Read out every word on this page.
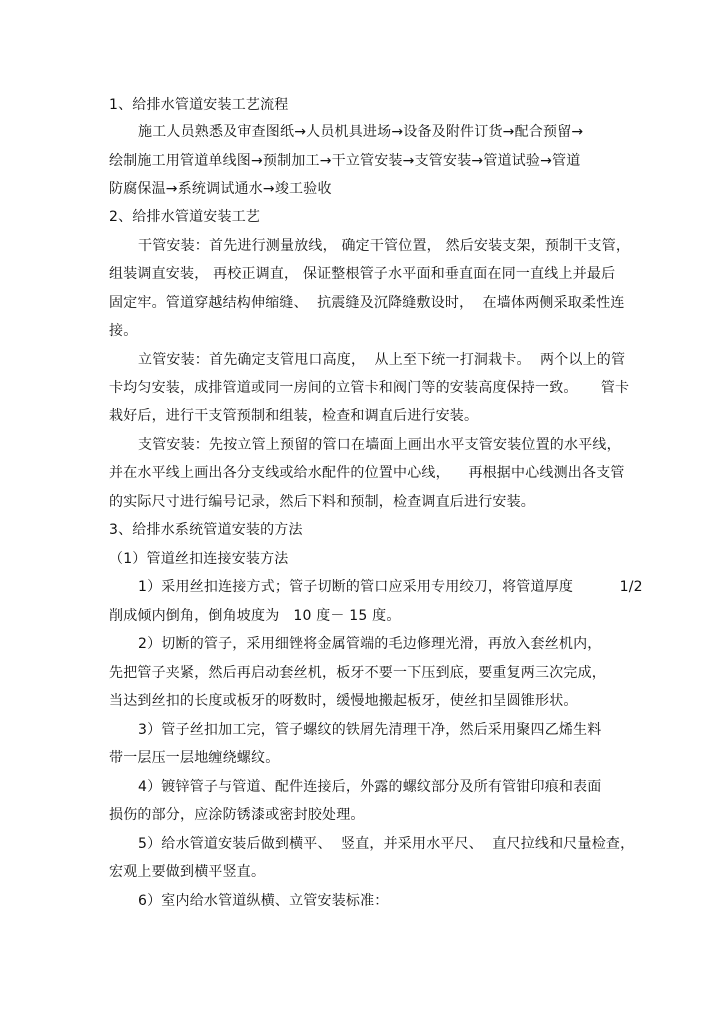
1、给排水管道安装工艺流程
施工人员熟悉及审查图纸→人员机具进场→设备及附件订货→配合预留→
绘制施工用管道单线图→预制加工→干立管安装→支管安装→管道试验→管道
防腐保温→系统调试通水→竣工验收
2、给排水管道安装工艺
干管安装：首先进行测量放线， 确定干管位置， 然后安装支架，预制干支管，
组装调直安装， 再校正调直， 保证整根管子水平面和垂直面在同一直线上并最后
固定牢。管道穿越结构伸缩缝、  抗震缝及沉降缝敷设时，  在墙体两侧采取柔性连
接。
立管安装：首先确定支管甩口高度，  从上至下统一打洞栽卡。  两个以上的管
卡均匀安装，成排管道或同一房间的立管卡和阀门等的安装高度保持一致。     管卡
栽好后，进行干支管预制和组装，检查和调直后进行安装。
支管安装：先按立管上预留的管口在墙面上画出水平支管安装位置的水平线，
并在水平线上画出各分支线或给水配件的位置中心线，    再根据中心线测出各支管
的实际尺寸进行编号记录，然后下料和预制，检查调直后进行安装。
3、给排水系统管道安装的方法
（1）管道丝扣连接安装方法
1）采用丝扣连接方式；管子切断的管口应采用专用绞刀，将管道厚度          1/2
削成倾内倒角，倒角坡度为   10 度－ 15 度。
2）切断的管子，采用细锉将金属管端的毛边修理光滑，再放入套丝机内，
先把管子夹紧，然后再启动套丝机，板牙不要一下压到底，要重复两三次完成，
当达到丝扣的长度或板牙的呀数时，缓慢地搬起板牙，使丝扣呈圆锥形状。
3）管子丝扣加工完，管子螺纹的铁屑先清理干净，然后采用聚四乙烯生料
带一层压一层地缠绕螺纹。
4）镀锌管子与管道、配件连接后，外露的螺纹部分及所有管钳印痕和表面
损伤的部分，应涂防锈漆或密封胶处理。
5）给水管道安装后做到横平、  竖直，并采用水平尺、  直尺拉线和尺量检查，
宏观上要做到横平竖直。
6）室内给水管道纵横、立管安装标准：
